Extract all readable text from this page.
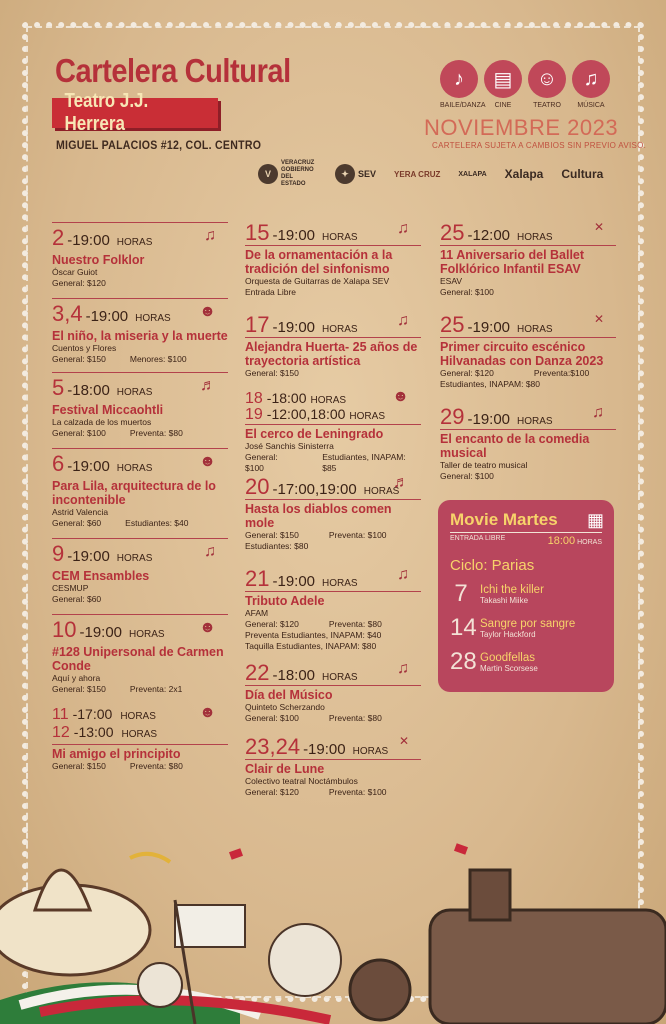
Cartelera Cultural
Teatro J.J. Herrera
MIGUEL PALACIOS #12, COL. CENTRO
♪
BAILE/DANZA
▤
CINE
☺
TEATRO
♫
MÚSICA
NOVIEMBRE 2023
CARTELERA SUJETA A CAMBIOS SIN PREVIO AVISO.
V
VERACRUZ GOBIERNO DEL ESTADO
✦	SEV YERA CRUZ	XALAPA Xalapa Cultura
2 -19:00 HORAS	♫
Nuestro Folklor
Óscar Guiot
General: $120
3,4 -19:00 HORAS ☻
El niño, la miseria y la muerte
Cuentos y Flores
General: $150	Menores: $100
5 -18:00 HORAS	♬
Festival Miccaohtli
La calzada de los muertos
General: $100	Preventa: $80
6 -19:00 HORAS	☻
Para Lila, arquitectura de lo incontenible
Astrid Valencia
General: $60	Estudiantes: $40
9 -19:00 HORAS	♫
CEM Ensambles
CESMUP
General: $60
10 -19:00 HORAS ☻
#128 Unipersonal de Carmen Conde
Aquí y ahora
General: $150	Preventa: 2x1
11 -17:00 HORAS
12 -13:00 HORAS
☻
Mi amigo el principito
General: $150	Preventa: $80
15 -19:00 HORAS
♫
De la ornamentación a la tradición del sinfonismo
Orquesta de Guitarras de Xalapa SEV
Entrada Libre
17 -19:00 HORAS
♫
Alejandra Huerta- 25 años de trayectoria artística
General: $150
18 -18:00 HORAS
19 -12:00,18:00 HORAS
☻
El cerco de Leningrado
José Sanchis Sinisterra
General: $100
Estudiantes, INAPAM: $85
20 -17:00,19:00 HORAS
♬
Hasta los diablos comen mole
General: $150	Preventa: $100
Estudiantes: $80
21 -19:00 HORAS
♫
Tributo Adele
AFAM
General: $120	Preventa: $80
Preventa Estudiantes, INAPAM: $40
Taquilla Estudiantes, INAPAM: $80
22 -18:00 HORAS
♫
Día del Músico
Quinteto Scherzando
General: $100	Preventa: $80
23,24 -19:00 HORAS
✕
Clair de Lune
Colectivo teatral Noctámbulos
General: $120	Preventa: $100
25 -12:00 HORAS
✕
11 Aniversario del Ballet Folklórico Infantil ESAV
ESAV
General: $100
25 -19:00 HORAS
✕
Primer circuito escénico Hilvanadas con Danza 2023
General: $120	Preventa:$100
Estudiantes, INAPAM: $80
29 -19:00 HORAS
♫
El encanto de la comedia musical
Taller de teatro musical
General: $100
Movie Martes	▦
ENTRADA LIBRE	18:00 HORAS
Ciclo: Parias
7	Ichi the killer
Takashi Miike
14 Sangre por sangre
Taylor Hackford
28 Goodfellas
Martin Scorsese
